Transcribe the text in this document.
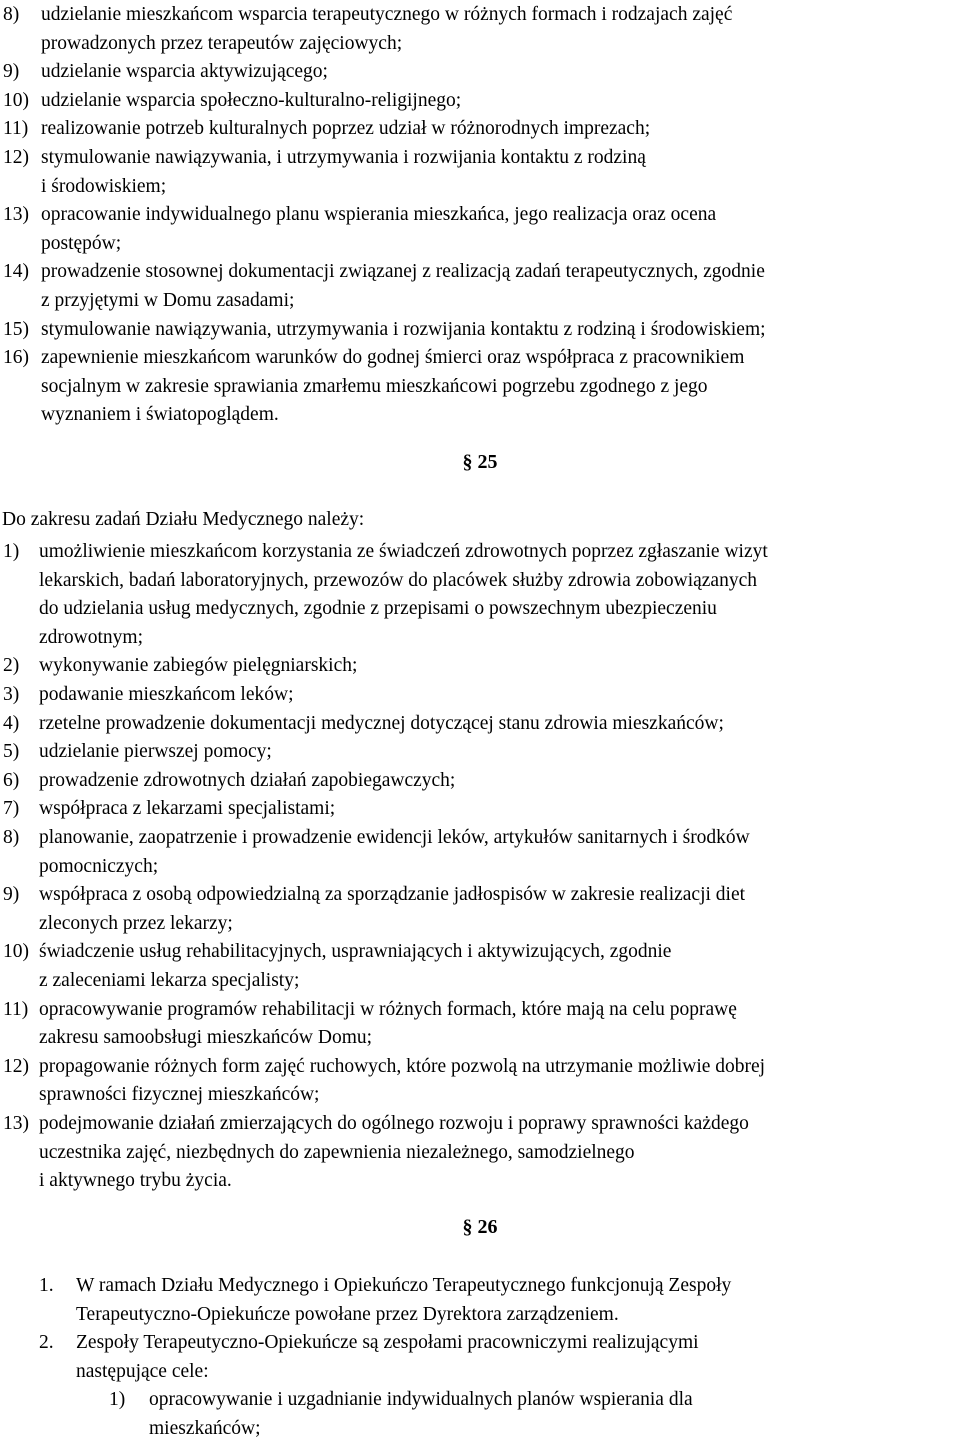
8) udzielanie mieszkańcom wsparcia terapeutycznego w różnych formach i rodzajach zajęć
prowadzonych przez terapeutów zajęciowych;
9) udzielanie wsparcia aktywizującego;
10) udzielanie wsparcia społeczno-kulturalno-religijnego;
11) realizowanie potrzeb kulturalnych poprzez udział w różnorodnych imprezach;
12) stymulowanie nawiązywania, i utrzymywania i rozwijania kontaktu z rodziną
i środowiskiem;
13) opracowanie indywidualnego planu wspierania mieszkańca, jego realizacja oraz ocena
postępów;
14) prowadzenie stosownej dokumentacji związanej z realizacją zadań terapeutycznych, zgodnie
z przyjętymi w Domu zasadami;
15) stymulowanie nawiązywania, utrzymywania i rozwijania kontaktu z rodziną i środowiskiem;
16) zapewnienie mieszkańcom warunków do godnej śmierci oraz współpraca z pracownikiem
socjalnym w zakresie sprawiania zmarłemu mieszkańcowi pogrzebu zgodnego z jego
wyznaniem i światopoglądem.
§ 25
Do zakresu zadań Działu Medycznego należy:
1) umożliwienie mieszkańcom korzystania ze świadczeń zdrowotnych poprzez zgłaszanie wizyt
lekarskich, badań laboratoryjnych, przewozów do placówek służby zdrowia zobowiązanych
do udzielania usług medycznych, zgodnie z przepisami o powszechnym ubezpieczeniu
zdrowotnym;
2) wykonywanie zabiegów pielęgniarskich;
3) podawanie mieszkańcom leków;
4) rzetelne prowadzenie dokumentacji medycznej dotyczącej stanu zdrowia mieszkańców;
5) udzielanie pierwszej pomocy;
6) prowadzenie zdrowotnych działań zapobiegawczych;
7) współpraca z lekarzami specjalistami;
8) planowanie, zaopatrzenie i prowadzenie ewidencji leków, artykułów sanitarnych i środków
pomocniczych;
9) współpraca z osobą odpowiedzialną za sporządzanie jadłospisów w zakresie realizacji diet
zleconych przez lekarzy;
10) świadczenie usług rehabilitacyjnych, usprawniających i aktywizujących, zgodnie
z zaleceniami lekarza specjalisty;
11) opracowywanie programów rehabilitacji w różnych formach, które mają na celu poprawę
zakresu samoobsługi mieszkańców Domu;
12) propagowanie różnych form zajęć ruchowych, które pozwolą na utrzymanie możliwie dobrej
sprawności fizycznej mieszkańców;
13) podejmowanie działań zmierzających do ogólnego rozwoju i poprawy sprawności każdego
uczestnika zajęć, niezbędnych do zapewnienia niezależnego, samodzielnego
i aktywnego trybu życia.
§ 26
1. W ramach Działu Medycznego i Opiekuńczo Terapeutycznego funkcjonują Zespoły
Terapeutyczno-Opiekuńcze powołane przez Dyrektora zarządzeniem.
2. Zespoły Terapeutyczno-Opiekuńcze są zespołami pracowniczymi realizującymi
następujące cele:
1) opracowywanie i uzgadnianie indywidualnych planów wspierania dla
mieszkańców;
